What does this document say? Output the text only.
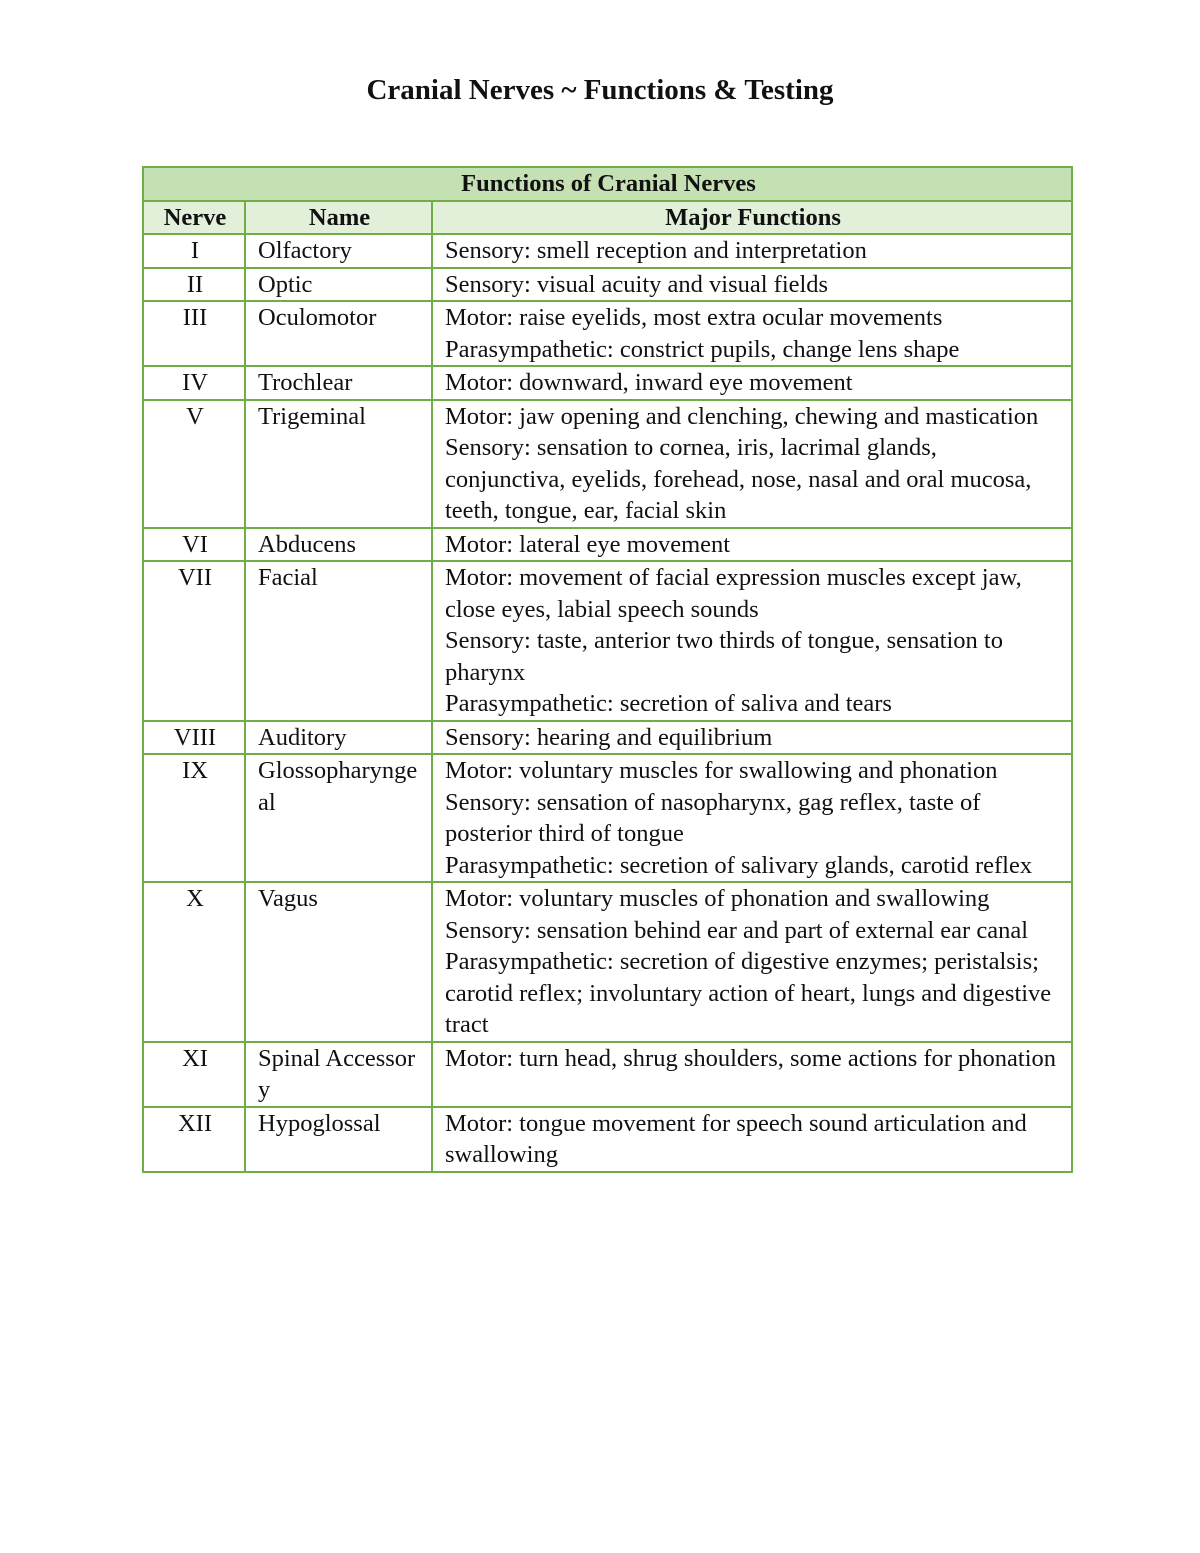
Cranial Nerves ~ Functions & Testing
Functions of Cranial Nerves		
Nerve	Name	Major Functions
I	Olfactory	Sensory: smell reception and interpretation

II	Optic	Sensory: visual acuity and visual fields

III	Oculomotor	Motor: raise eyelids, most extra ocular movements
Parasympathetic: constrict pupils, change lens shape

IV	Trochlear	Motor: downward, inward eye movement

V	Trigeminal	Motor: jaw opening and clenching, chewing and mastication
Sensory: sensation to cornea, iris, lacrimal glands, conjunctiva, eyelids, forehead, nose, nasal and oral mucosa, teeth, tongue, ear, facial skin

VI	Abducens	Motor: lateral eye movement

VII	Facial	Motor: movement of facial expression muscles except jaw, close eyes, labial speech sounds
Sensory: taste, anterior two thirds of tongue, sensation to pharynx
Parasympathetic: secretion of saliva and tears

VIII	Auditory	Sensory: hearing and equilibrium

IX	Glossopharyngeal	Motor: voluntary muscles for swallowing and phonation
Sensory: sensation of nasopharynx, gag reflex, taste of posterior third of tongue
Parasympathetic: secretion of salivary glands, carotid reflex

X	Vagus	Motor: voluntary muscles of phonation and swallowing
Sensory: sensation behind ear and part of external ear canal
Parasympathetic: secretion of digestive enzymes; peristalsis; carotid reflex; involuntary action of heart, lungs and digestive tract

XI	Spinal Accessory	Motor: turn head, shrug shoulders, some actions for phonation

XII	Hypoglossal	Motor: tongue movement for speech sound articulation and swallowing
